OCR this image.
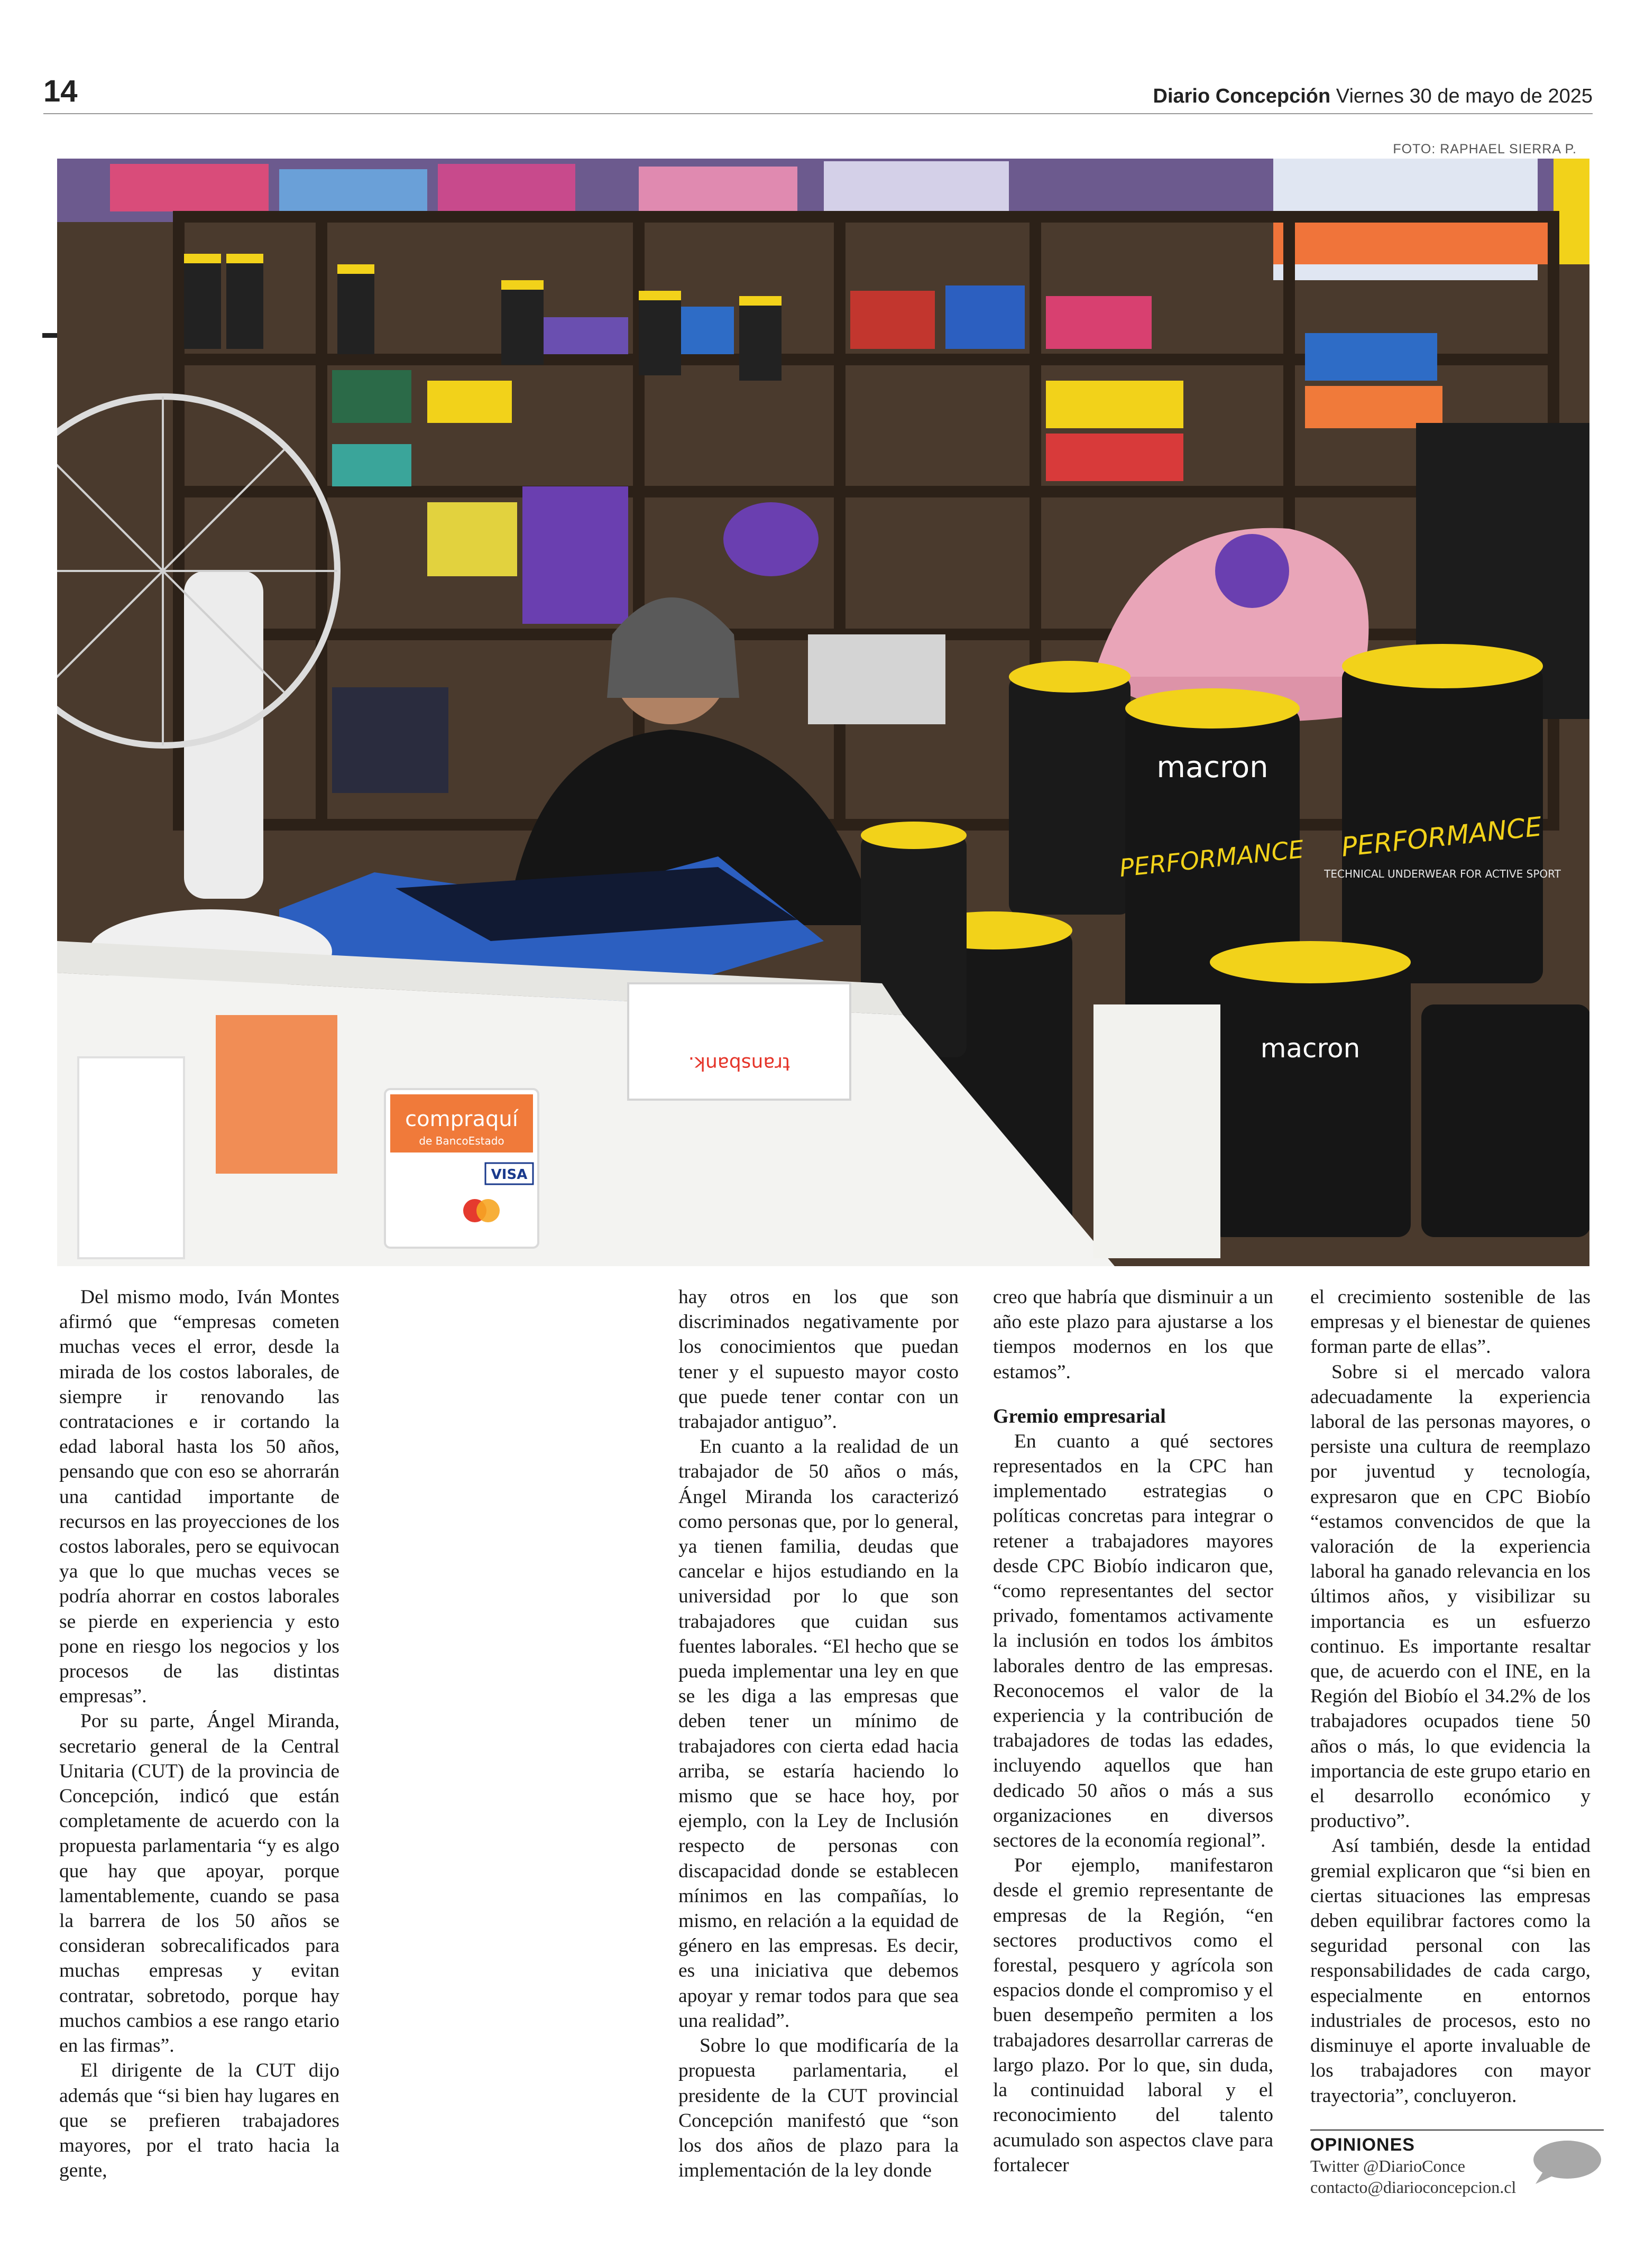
14	Diario Concepción Viernes 30 de mayo de 2025
FOTO: RAPHAEL SIERRA P.
macron
PERFORMANCE PERFORMANCE
macron
TECHNICAL UNDERWEAR FOR ACTIVE SPORT
compraquí
de BancoEstado
VISA
transbank.

Del mismo modo, Iván Montes afirmó que “empresas cometen muchas veces el error, desde la mirada de los costos laborales, de siempre ir renovando las contrataciones e ir cortando la edad laboral hasta los 50 años, pensando que con eso se ahorrarán una cantidad importante de recursos en las proyecciones de los costos laborales, pero se equivocan ya que lo que muchas veces se podría ahorrar en costos laborales se pierde en experiencia y esto pone en riesgo los negocios y los procesos de las distintas empresas”.

Por su parte, Ángel Miranda, secretario general de la Central Unitaria (CUT) de la provincia de Concepción, indicó que están completamente de acuerdo con la propuesta parlamentaria “y es algo que hay que apoyar, porque lamentablemente, cuando se pasa la barrera de los 50 años se consideran sobrecalificados para muchas empresas y evitan contratar, sobretodo, porque hay muchos cambios a ese rango etario en las firmas”.

El dirigente de la CUT dijo además que “si bien hay lugares en que se prefieren trabajadores mayores, por el trato hacia la gente,

hay otros en los que son discriminados negativamente por los conocimientos que puedan tener y el supuesto mayor costo que puede tener contar con un trabajador antiguo”.

En cuanto a la realidad de un trabajador de 50 años o más, Ángel Miranda los caracterizó como personas que, por lo general, ya tienen familia, deudas que cancelar e hijos estudiando en la universidad por lo que son trabajadores que cuidan sus fuentes laborales. “El hecho que se pueda implementar una ley en que se les diga a las empresas que deben tener un mínimo de trabajadores con cierta edad hacia arriba, se estaría haciendo lo mismo que se hace hoy, por ejemplo, con la Ley de Inclusión respecto de personas con discapacidad donde se establecen mínimos en las compañías, lo mismo, en relación a la equidad de género en las empresas. Es decir, es una iniciativa que debemos apoyar y remar todos para que sea una realidad”.

Sobre lo que modificaría de la propuesta parlamentaria, el presidente de la CUT provincial Concepción manifestó que “son los dos años de plazo para la implementación de la ley donde

creo que habría que disminuir a un año este plazo para ajustarse a los tiempos modernos en los que estamos”.

Gremio empresarial

En cuanto a qué sectores representados en la CPC han implementado estrategias o políticas concretas para integrar o retener a trabajadores mayores desde CPC Biobío indicaron que, “como representantes del sector privado, fomentamos activamente la inclusión en todos los ámbitos laborales dentro de las empresas. Reconocemos el valor de la experiencia y la contribución de trabajadores de todas las edades, incluyendo aquellos que han dedicado 50 años o más a sus organizaciones en diversos sectores de la economía regional”.

Por ejemplo, manifestaron desde el gremio representante de empresas de la Región, “en sectores productivos como el forestal, pesquero y agrícola son espacios donde el compromiso y el buen desempeño permiten a los trabajadores desarrollar carreras de largo plazo. Por lo que, sin duda, la continuidad laboral y el reconocimiento del talento acumulado son aspectos clave para fortalecer

el crecimiento sostenible de las empresas y el bienestar de quienes forman parte de ellas”.

Sobre si el mercado valora adecuadamente la experiencia laboral de las personas mayores, o persiste una cultura de reemplazo por juventud y tecnología, expresaron que en CPC Biobío “estamos convencidos de que la valoración de la experiencia laboral ha ganado relevancia en los últimos años, y visibilizar su importancia es un esfuerzo continuo. Es importante resaltar que, de acuerdo con el INE, en la Región del Biobío el 34.2% de los trabajadores ocupados tiene 50 años o más, lo que evidencia la importancia de este grupo etario en el desarrollo económico y productivo”.

Así también, desde la entidad gremial explicaron que “si bien en ciertas situaciones las empresas deben equilibrar factores como la seguridad personal con las responsabilidades de cada cargo, especialmente en entornos industriales de procesos, esto no disminuye el aporte invaluable de los trabajadores con mayor trayectoria”, concluyeron.

OPINIONES
Twitter @DiarioConce
contacto@diarioconcepcion.cl
